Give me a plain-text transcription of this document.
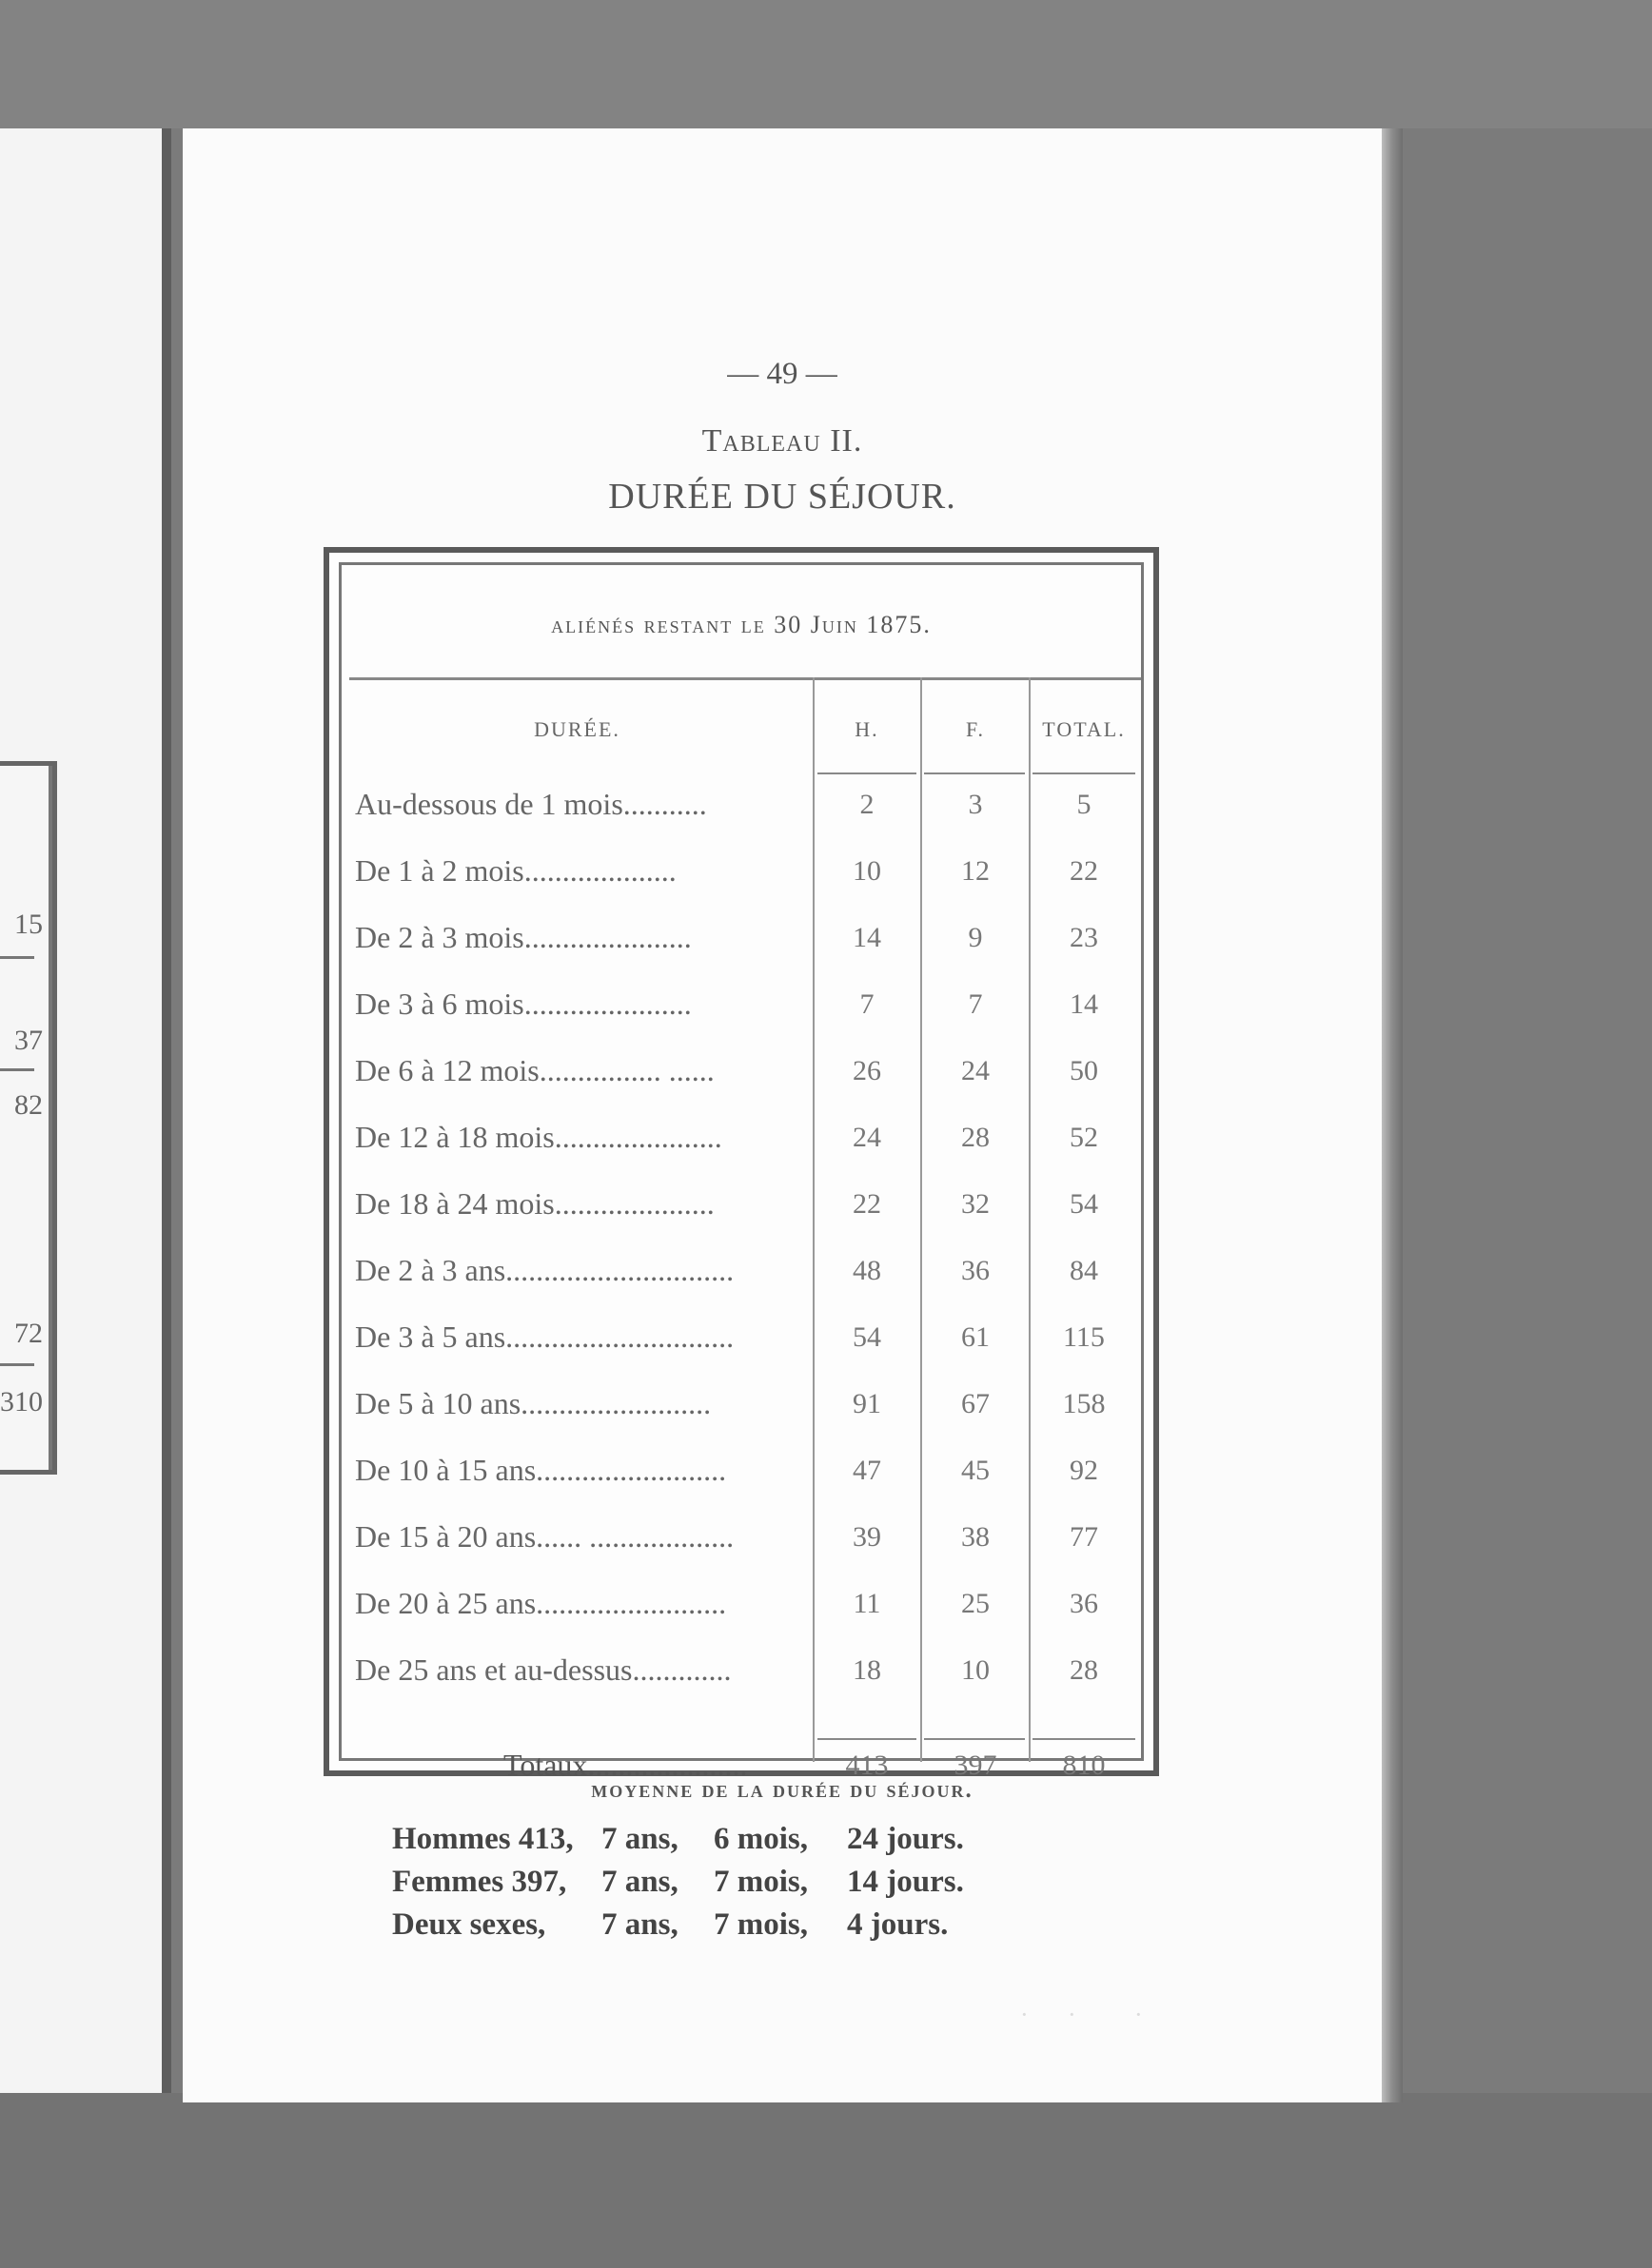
15
37
82
72
310
— 49 —
Tableau II.
DURÉE DU SÉJOUR.
aliénés restant le 30 Juin 1875.
DURÉE.	H.	F.	TOTAL.
Au-dessous de 1 mois...........	2	3	5
De 1 à 2 mois....................	10	12	22
De 2 à 3 mois......................	14	9	23
De 3 à 6 mois......................	7	7	14
De 6 à 12 mois................ ......	26	24	50
De 12 à 18 mois......................	24	28	52
De 18 à 24 mois.....................	22	32	54
De 2 à 3 ans..............................	48	36	84
De 3 à 5 ans..............................	54	61	115
De 5 à 10 ans.........................	91	67	158
De 10 à 15 ans.........................	47	45	92
De 15 à 20 ans...... ...................	39	38	77
De 20 à 25 ans.........................	11	25	36
De 25 ans et au-dessus.............	18	10	28
Totaux.....................	413	397	810
moyenne de la durée du séjour.
Hommes 413, 7 ans, 6 mois, 24 jours.
Femmes 397, 7 ans, 7 mois, 14 jours.
Deux sexes, 7 ans, 7 mois, 4 jours.
· · ·
